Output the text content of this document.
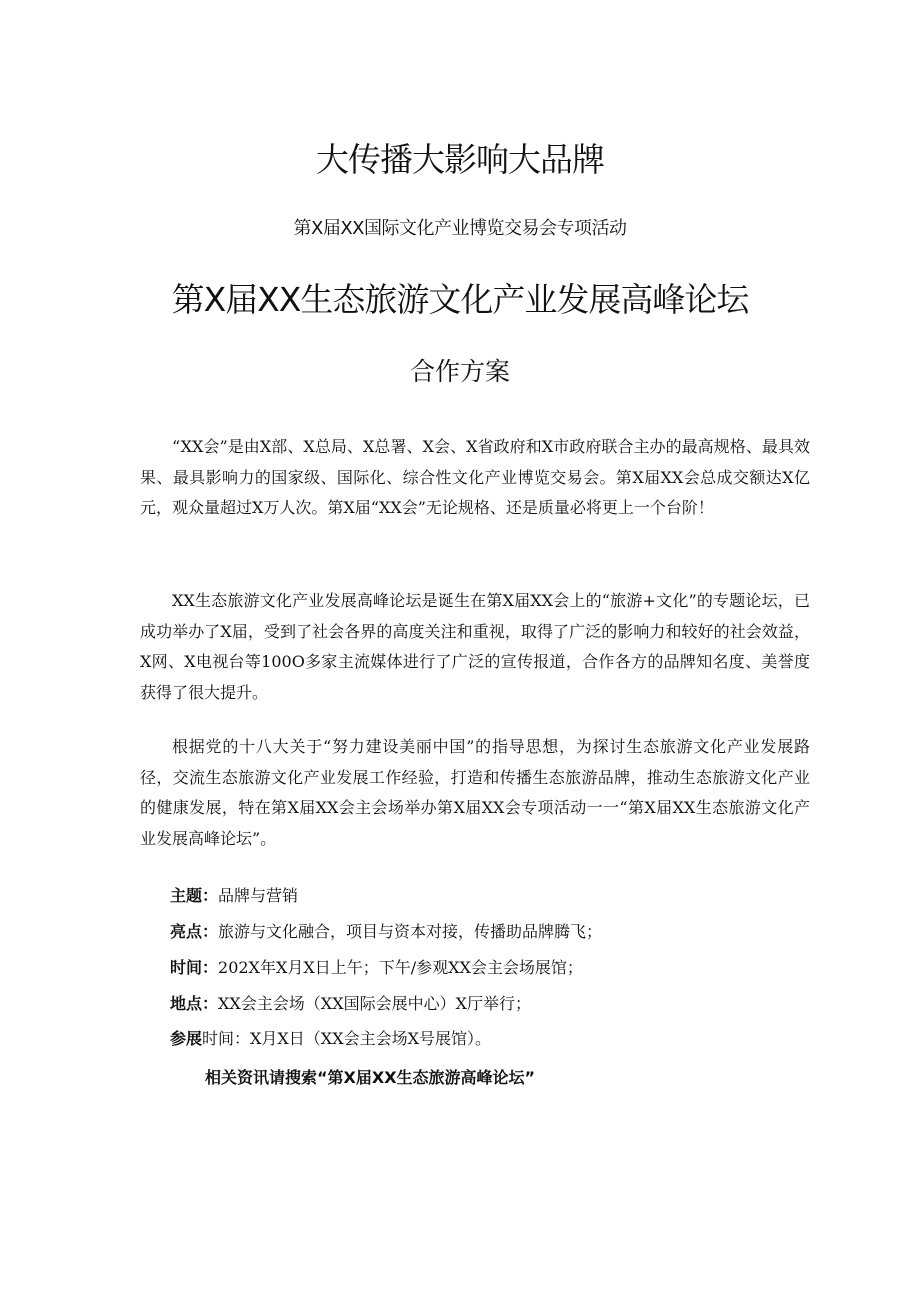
大传播大影响大品牌
第X届XX国际文化产业博览交易会专项活动
第X届XX生态旅游文化产业发展高峰论坛
合作方案

“XX会”是由X部、X总局、X总署、X会、X省政府和X市政府联合主办的最高规格、最具效果、最具影响力的国家级、国际化、综合性文化产业博览交易会。第X届XX会总成交额达X亿元，观众量超过X万人次。第X届“XX会”无论规格、还是质量必将更上一个台阶！

XX生态旅游文化产业发展高峰论坛是诞生在第X届XX会上的“旅游+文化”的专题论坛，已成功举办了X届，受到了社会各界的高度关注和重视，取得了广泛的影响力和较好的社会效益，X网、X电视台等100O多家主流媒体进行了广泛的宣传报道，合作各方的品牌知名度、美誉度获得了很大提升。

根据党的十八大关于“努力建设美丽中国”的指导思想，为探讨生态旅游文化产业发展路径，交流生态旅游文化产业发展工作经验，打造和传播生态旅游品牌，推动生态旅游文化产业的健康发展，特在第X届XX会主会场举办第X届XX会专项活动一一“第X届XX生态旅游文化产业发展高峰论坛”。

主题：品牌与营销
亮点：旅游与文化融合，项目与资本对接，传播助品牌腾飞；
时间：202X年X月X日上午；下午/参观XX会主会场展馆；
地点：XX会主会场（XX国际会展中心）X厅举行；
参展时间：X月X日（XX会主会场X号展馆）。
相关资讯请搜索“第X届XX生态旅游高峰论坛”
